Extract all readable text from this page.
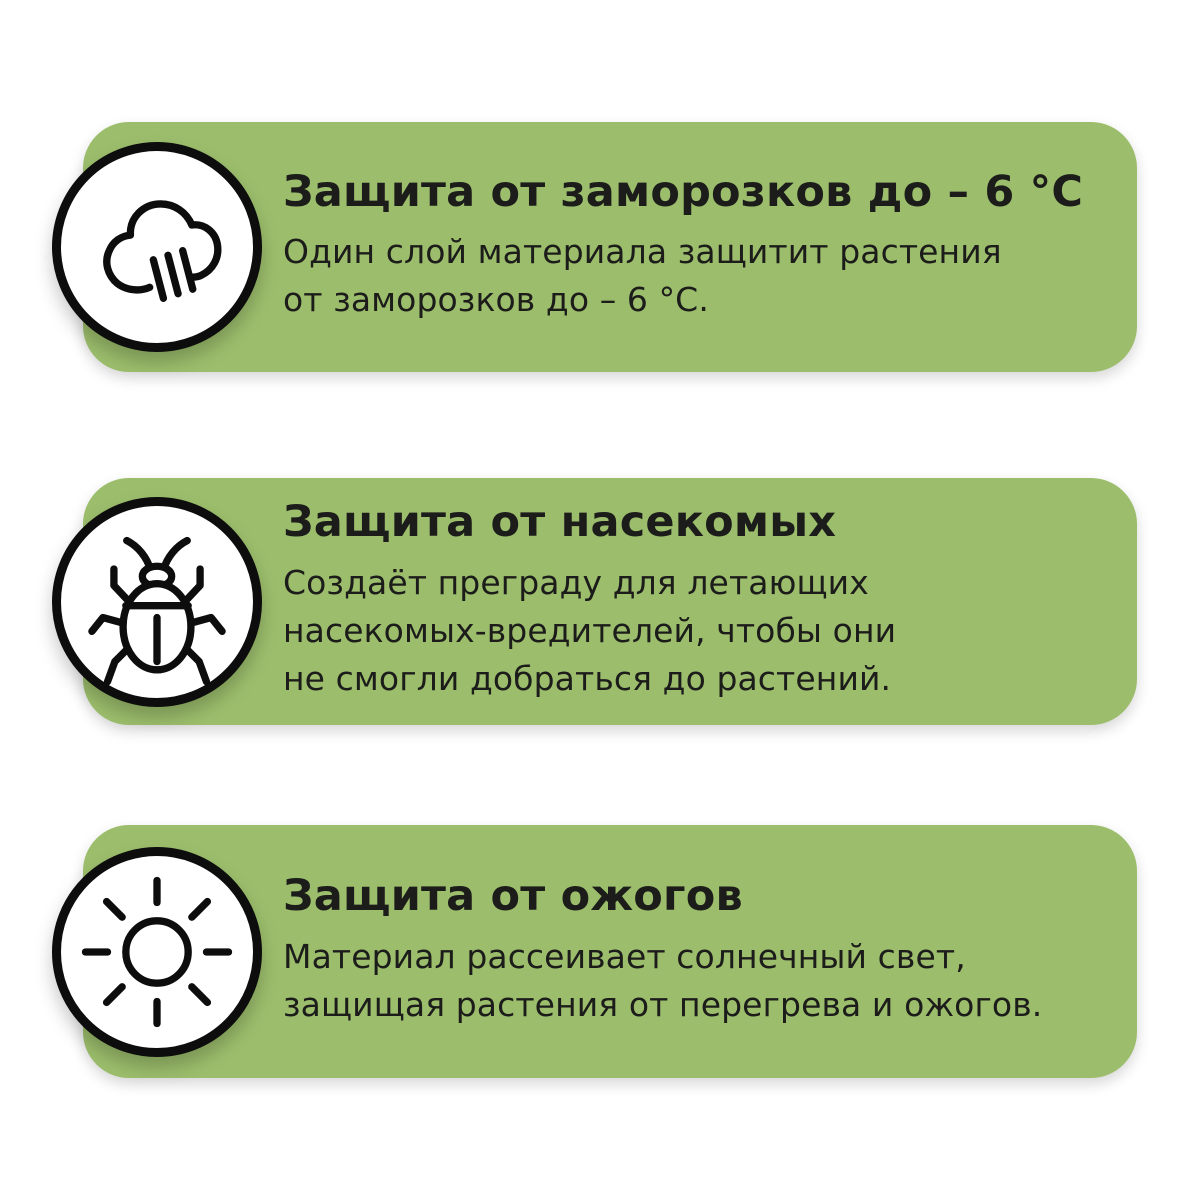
Защита от заморозков до – 6 °C
Один слой материала защитит растения
от заморозков до – 6 °C.
Защита от насекомых
Создаёт преграду для летающих
насекомых-вредителей, чтобы они
не смогли добраться до растений.
Защита от ожогов
Материал рассеивает солнечный свет,
защищая растения от перегрева и ожогов.
